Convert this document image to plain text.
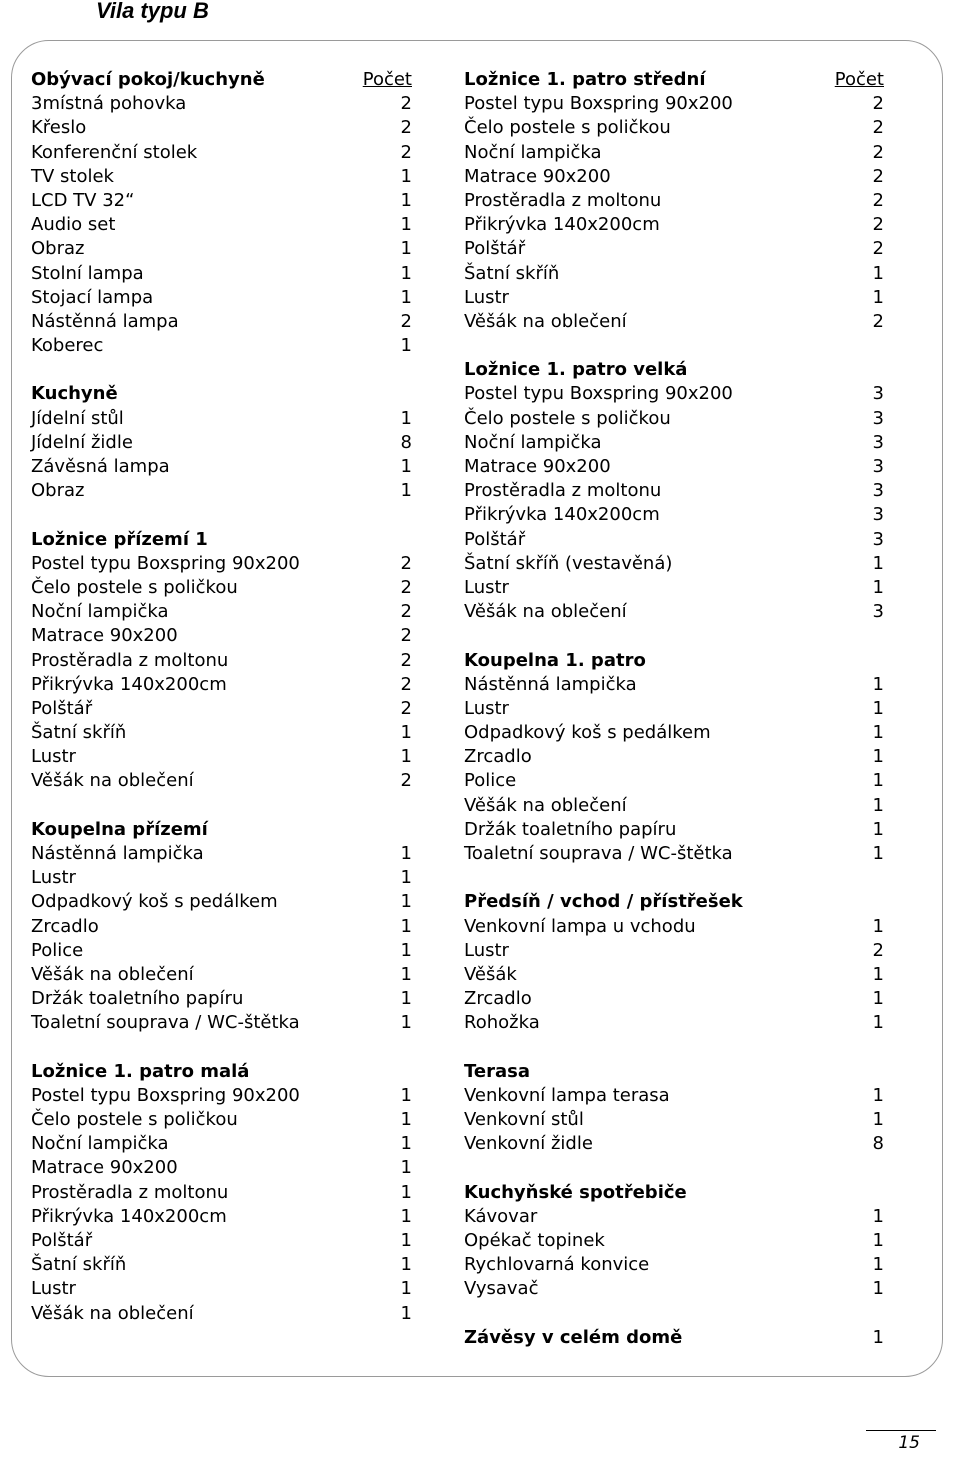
Vila typu B
Obývací pokoj/kuchyně	Počet
3místná pohovka	2
Křeslo	2
Konferenční stolek	2
TV stolek	1
LCD TV 32“	1
Audio set	1
Obraz	1
Stolní lampa	1
Stojací lampa	1
Nástěnná lampa	2
Koberec	1
Kuchyně
Jídelní stůl	1
Jídelní židle	8
Závěsná lampa	1
Obraz	1
Ložnice přízemí 1
Postel typu Boxspring 90x200	2
Čelo postele s poličkou	2
Noční lampička	2
Matrace 90x200	2
Prostěradla z moltonu	2
Přikrývka 140x200cm	2
Polštář	2
Šatní skříň	1
Lustr	1
Věšák na oblečení	2
Koupelna přízemí
Nástěnná lampička	1
Lustr	1
Odpadkový koš s pedálkem	1
Zrcadlo	1
Police	1
Věšák na oblečení	1
Držák toaletního papíru	1
Toaletní souprava / WC-štětka	1
Ložnice 1. patro malá
Postel typu Boxspring 90x200	1
Čelo postele s poličkou	1
Noční lampička	1
Matrace 90x200	1
Prostěradla z moltonu	1
Přikrývka 140x200cm	1
Polštář	1
Šatní skříň	1
Lustr	1
Věšák na oblečení	1
Ložnice 1. patro střední	Počet
Postel typu Boxspring 90x200	2
Čelo postele s poličkou	2
Noční lampička	2
Matrace 90x200	2
Prostěradla z moltonu	2
Přikrývka 140x200cm	2
Polštář	2
Šatní skříň	1
Lustr	1
Věšák na oblečení	2
Ložnice 1. patro velká
Postel typu Boxspring 90x200	3
Čelo postele s poličkou	3
Noční lampička	3
Matrace 90x200	3
Prostěradla z moltonu	3
Přikrývka 140x200cm	3
Polštář	3
Šatní skříň (vestavěná)	1
Lustr	1
Věšák na oblečení	3
Koupelna 1. patro
Nástěnná lampička	1
Lustr	1
Odpadkový koš s pedálkem	1
Zrcadlo	1
Police	1
Věšák na oblečení	1
Držák toaletního papíru	1
Toaletní souprava / WC-štětka	1
Předsíň / vchod / přístřešek
Venkovní lampa u vchodu	1
Lustr	2
Věšák	1
Zrcadlo	1
Rohožka	1
Terasa
Venkovní lampa terasa	1
Venkovní stůl	1
Venkovní židle	8
Kuchyňské spotřebiče
Kávovar	1
Opékač topinek	1
Rychlovarná konvice	1
Vysavač	1
Závěsy v celém domě	1
15
